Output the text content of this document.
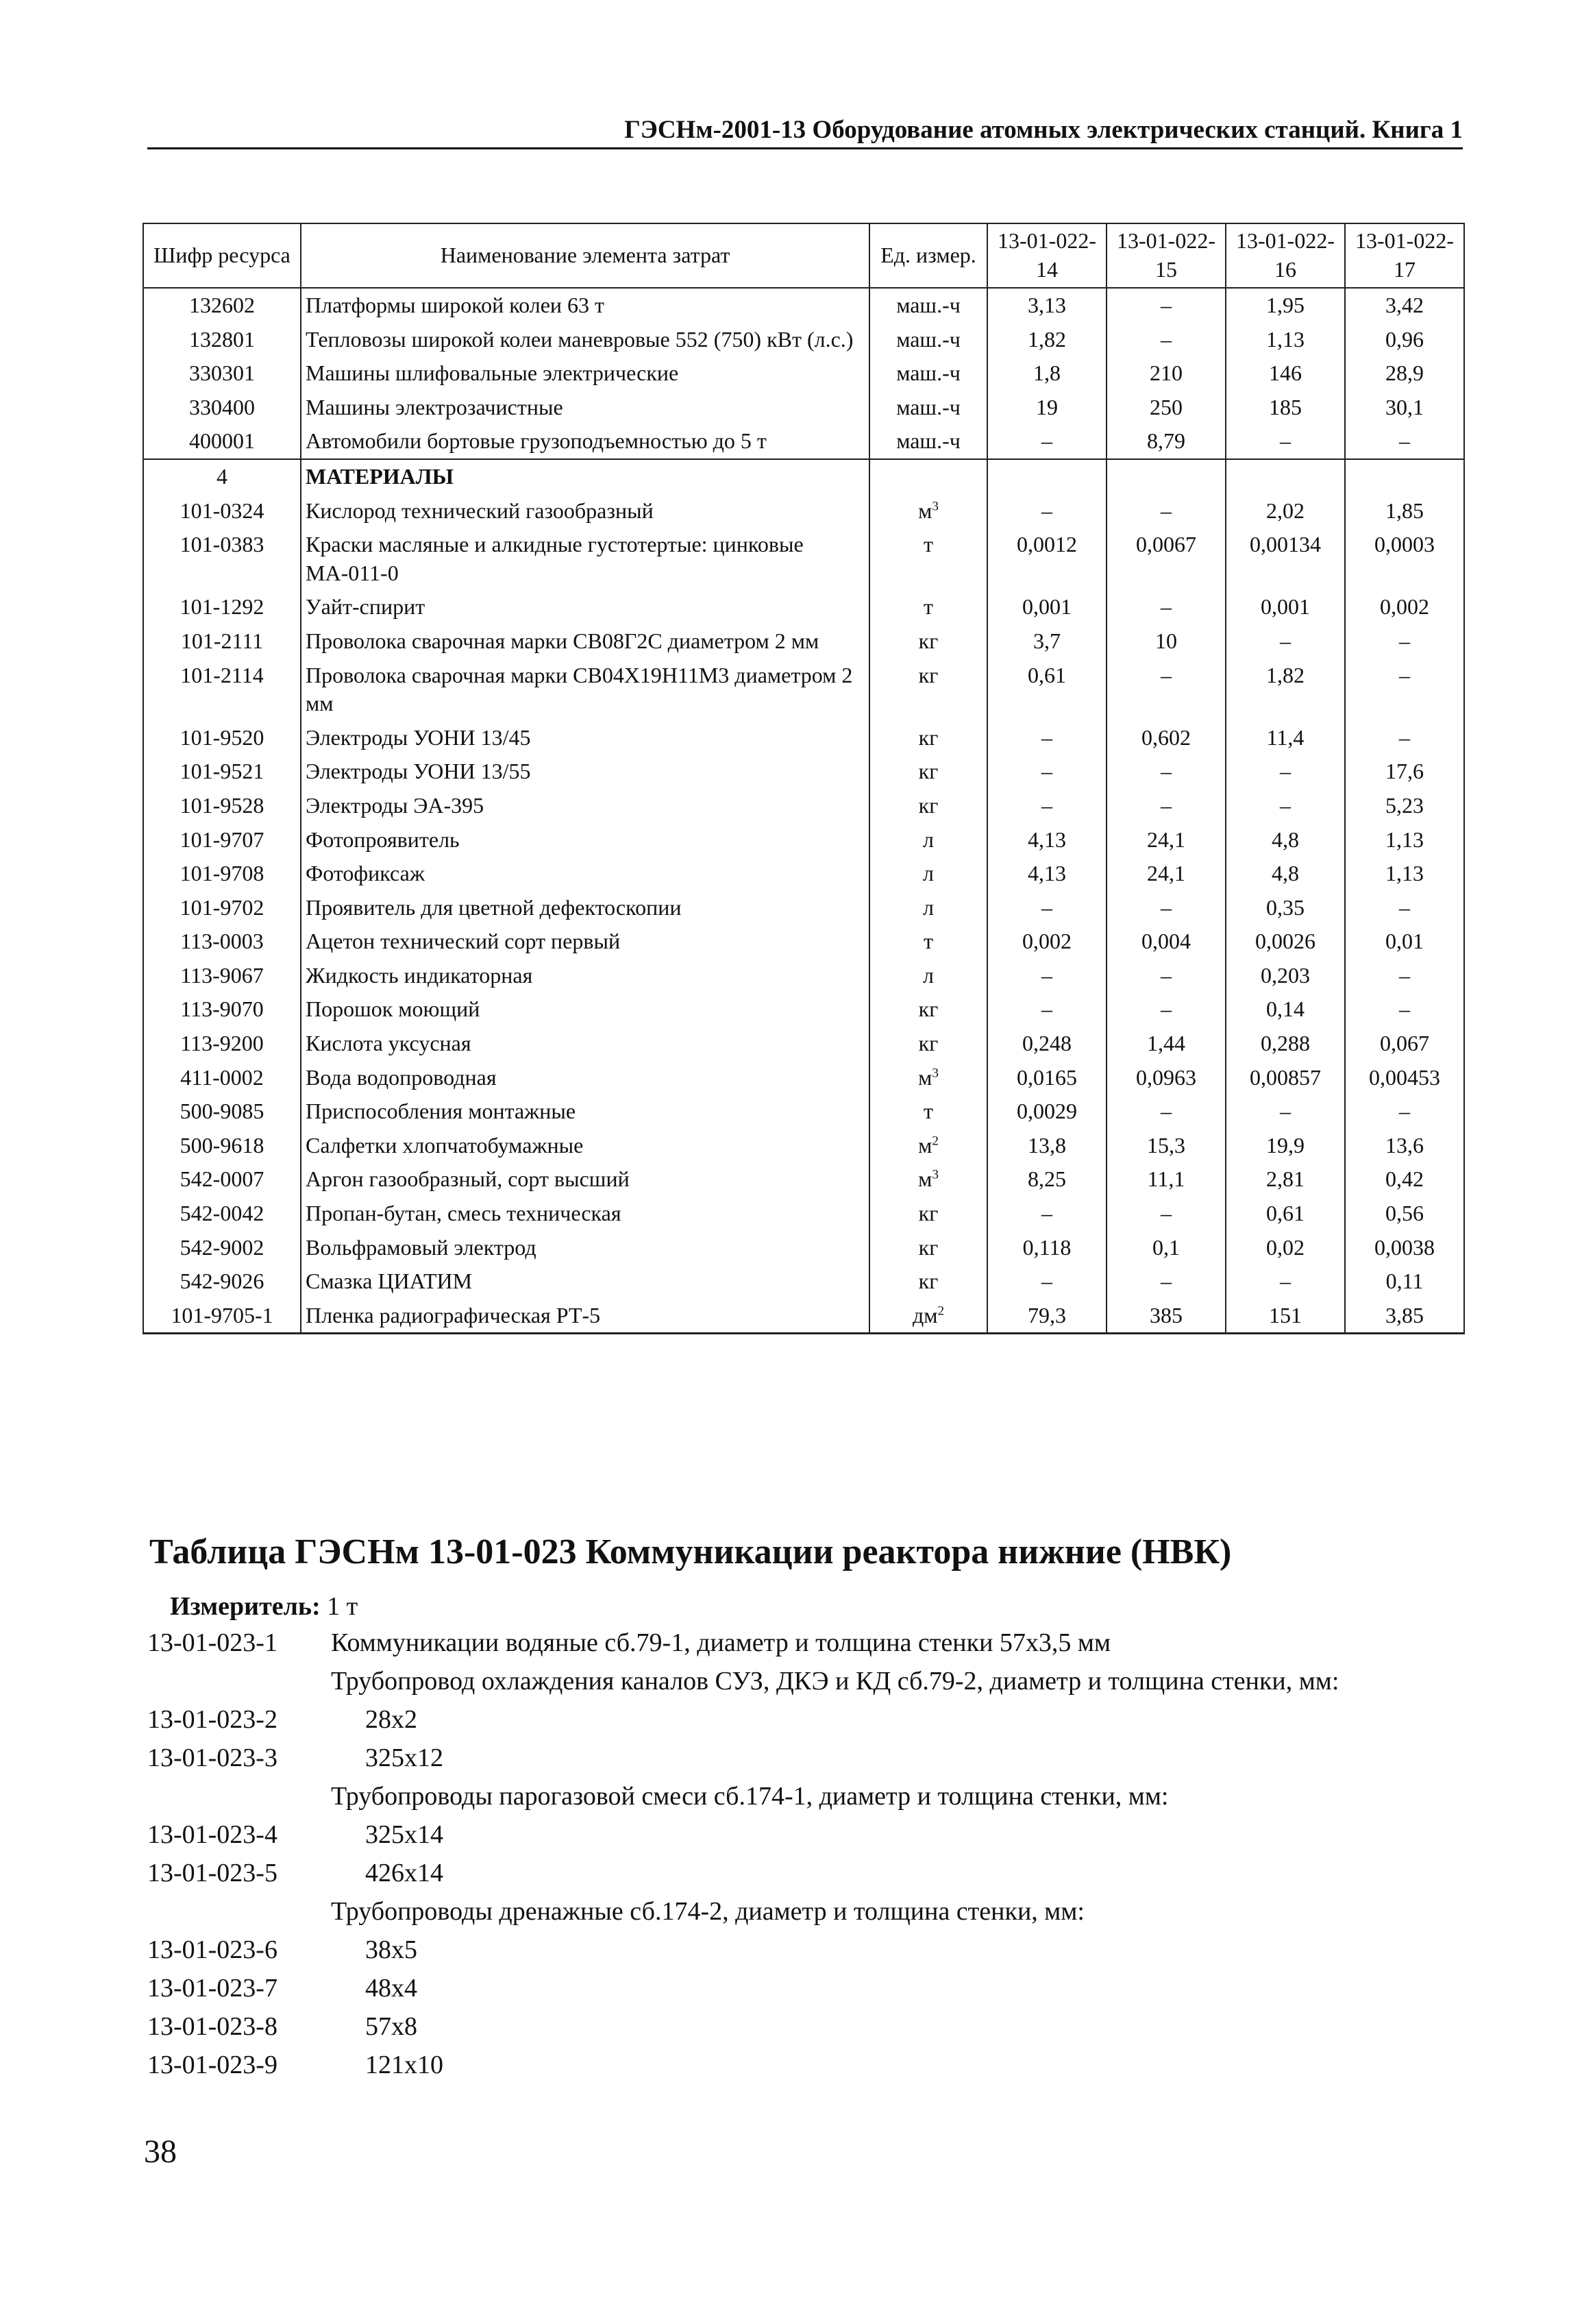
ГЭСНм-2001-13 Оборудование атомных электрических станций. Книга 1
Шифр ресурса	Наименование элемента затрат	Ед. измер.	13-01-022-14	13-01-022-15	13-01-022-16	13-01-022-17
132602	Платформы широкой колеи 63 т	маш.-ч	3,13	–	1,95	3,42
132801	Тепловозы широкой колеи маневровые 552 (750) кВт (л.с.)	маш.-ч	1,82	–	1,13	0,96
330301	Машины шлифовальные электрические	маш.-ч	1,8	210	146	28,9
330400	Машины электрозачистные	маш.-ч	19	250	185	30,1
400001	Автомобили бортовые грузоподъемностью до 5 т	маш.-ч	–	8,79	–	–
4	МАТЕРИАЛЫ					
101-0324	Кислород технический газообразный	$м^3$	–	–	2,02	1,85
101-0383	Краски масляные и алкидные густотертые: цинковые МА-011-0	т	0,0012	0,0067	0,00134	0,0003
101-1292	Уайт-спирит	т	0,001	–	0,001	0,002
101-2111	Проволока сварочная марки СВ08Г2С диаметром 2 мм	кг	3,7	10	–	–
101-2114	Проволока сварочная марки СВ04Х19Н11М3 диаметром 2 мм	кг	0,61	–	1,82	–
101-9520	Электроды УОНИ 13/45	кг	–	0,602	11,4	–
101-9521	Электроды УОНИ 13/55	кг	–	–	–	17,6
101-9528	Электроды ЭА-395	кг	–	–	–	5,23
101-9707	Фотопроявитель	л	4,13	24,1	4,8	1,13
101-9708	Фотофиксаж	л	4,13	24,1	4,8	1,13
101-9702	Проявитель для цветной дефектоскопии	л	–	–	0,35	–
113-0003	Ацетон технический сорт первый	т	0,002	0,004	0,0026	0,01
113-9067	Жидкость индикаторная	л	–	–	0,203	–
113-9070	Порошок моющий	кг	–	–	0,14	–
113-9200	Кислота уксусная	кг	0,248	1,44	0,288	0,067
411-0002	Вода водопроводная	$м^3$	0,0165	0,0963	0,00857	0,00453
500-9085	Приспособления монтажные	т	0,0029	–	–	–
500-9618	Салфетки хлопчатобумажные	$м^2$	13,8	15,3	19,9	13,6
542-0007	Аргон газообразный, сорт высший	$м^3$	8,25	11,1	2,81	0,42
542-0042	Пропан-бутан, смесь техническая	кг	–	–	0,61	0,56
542-9002	Вольфрамовый электрод	кг	0,118	0,1	0,02	0,0038
542-9026	Смазка ЦИАТИМ	кг	–	–	–	0,11
101-9705-1	Пленка радиографическая РТ-5	$дм^2$	79,3	385	151	3,85
Таблица ГЭСНм 13-01-023 Коммуникации реактора нижние (НВК)
Измеритель: 1 т
13-01-023-1 Коммуникации водяные сб.79-1, диаметр и толщина стенки 57х3,5 мм
Трубопровод охлаждения каналов СУЗ, ДКЭ и КД сб.79-2, диаметр и толщина стенки, мм:
13-01-023-2	28х2
13-01-023-3	325х12
Трубопроводы парогазовой смеси сб.174-1, диаметр и толщина стенки, мм:
13-01-023-4	325х14
13-01-023-5	426х14
Трубопроводы дренажные сб.174-2, диаметр и толщина стенки, мм:
13-01-023-6	38х5
13-01-023-7	48х4
13-01-023-8	57х8
13-01-023-9	121х10
38
